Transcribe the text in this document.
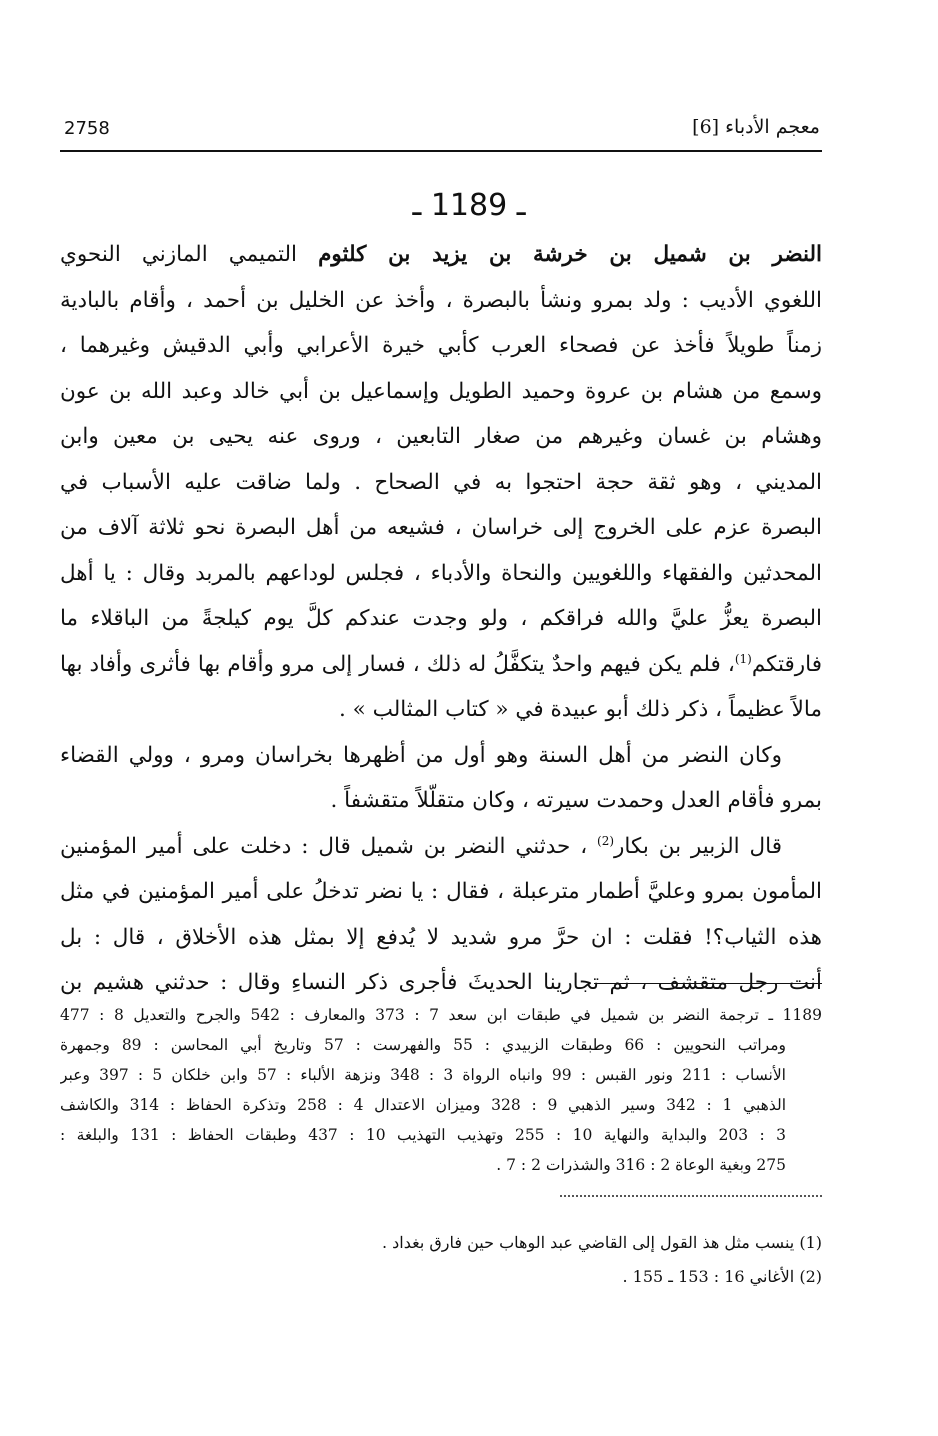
2758	معجم الأدباء [6]
ـ 1189 ـ
النضر بن شميل بن خرشة بن يزيد بن كلثوم التميمي المازني النحوي
اللغوي الأديب : ولد بمرو ونشأ بالبصرة ، وأخذ عن الخليل بن أحمد ، وأقام بالبادية
زمناً طويلاً فأخذ عن فصحاء العرب كأبي خيرة الأعرابي وأبي الدقيش وغيرهما ،
وسمع من هشام بن عروة وحميد الطويل وإسماعيل بن أبي خالد وعبد الله بن عون
وهشام بن غسان وغيرهم من صغار التابعين ، وروى عنه يحيى بن معين وابن
المديني ، وهو ثقة حجة احتجوا به في الصحاح . ولما ضاقت عليه الأسباب في
البصرة عزم على الخروج إلى خراسان ، فشيعه من أهل البصرة نحو ثلاثة آلاف من
المحدثين والفقهاء واللغويين والنحاة والأدباء ، فجلس لوداعهم بالمربد وقال : يا أهل
البصرة يعزُّ عليَّ والله فراقكم ، ولو وجدت عندكم كلَّ يوم كيلجةً من الباقلاء ما
فارقتكم$^{(1)}$، فلم يكن فيهم واحدٌ يتكفَّلُ له ذلك ، فسار إلى مرو وأقام بها فأثرى وأفاد بها
مالاً عظيماً ، ذكر ذلك أبو عبيدة في « كتاب المثالب » .
وكان النضر من أهل السنة وهو أول من أظهرها بخراسان ومرو ، وولي القضاء
بمرو فأقام العدل وحمدت سيرته ، وكان متقلّلاً متقشفاً .
قال الزبير بن بكار$^{(2)}$ ، حدثني النضر بن شميل قال : دخلت على أمير المؤمنين
المأمون بمرو وعليَّ أطمار مترعبلة ، فقال : يا نضر تدخلُ على أمير المؤمنين في مثل
هذه الثياب؟! فقلت : ان حرَّ مرو شديد لا يُدفع إلا بمثل هذه الأخلاق ، قال : بل
أنت رجل متقشف ، ثم تجارينا الحديثَ فأجرى ذكر النساءِ وقال : حدثني هشيم بن
1189 ـ ترجمة النضر بن شميل في طبقات ابن سعد 7 : 373 والمعارف : 542 والجرح والتعديل 8 : 477
ومراتب النحويين : 66 وطبقات الزبيدي : 55 والفهرست : 57 وتاريخ أبي المحاسن : 89 وجمهرة
الأنساب : 211 ونور القبس : 99 وانباه الرواة 3 : 348 ونزهة الألباء : 57 وابن خلكان 5 : 397 وعبر
الذهبي 1 : 342 وسير الذهبي 9 : 328 وميزان الاعتدال 4 : 258 وتذكرة الحفاظ : 314 والكاشف
3 : 203 والبداية والنهاية 10 : 255 وتهذيب التهذيب 10 : 437 وطبقات الحفاظ : 131 والبلغة :
275 وبغية الوعاة 2 : 316 والشذرات 2 : 7 .
(1) ينسب مثل هذ القول إلى القاضي عبد الوهاب حين فارق بغداد .
(2) الأغاني 16 : 153 ـ 155 .
